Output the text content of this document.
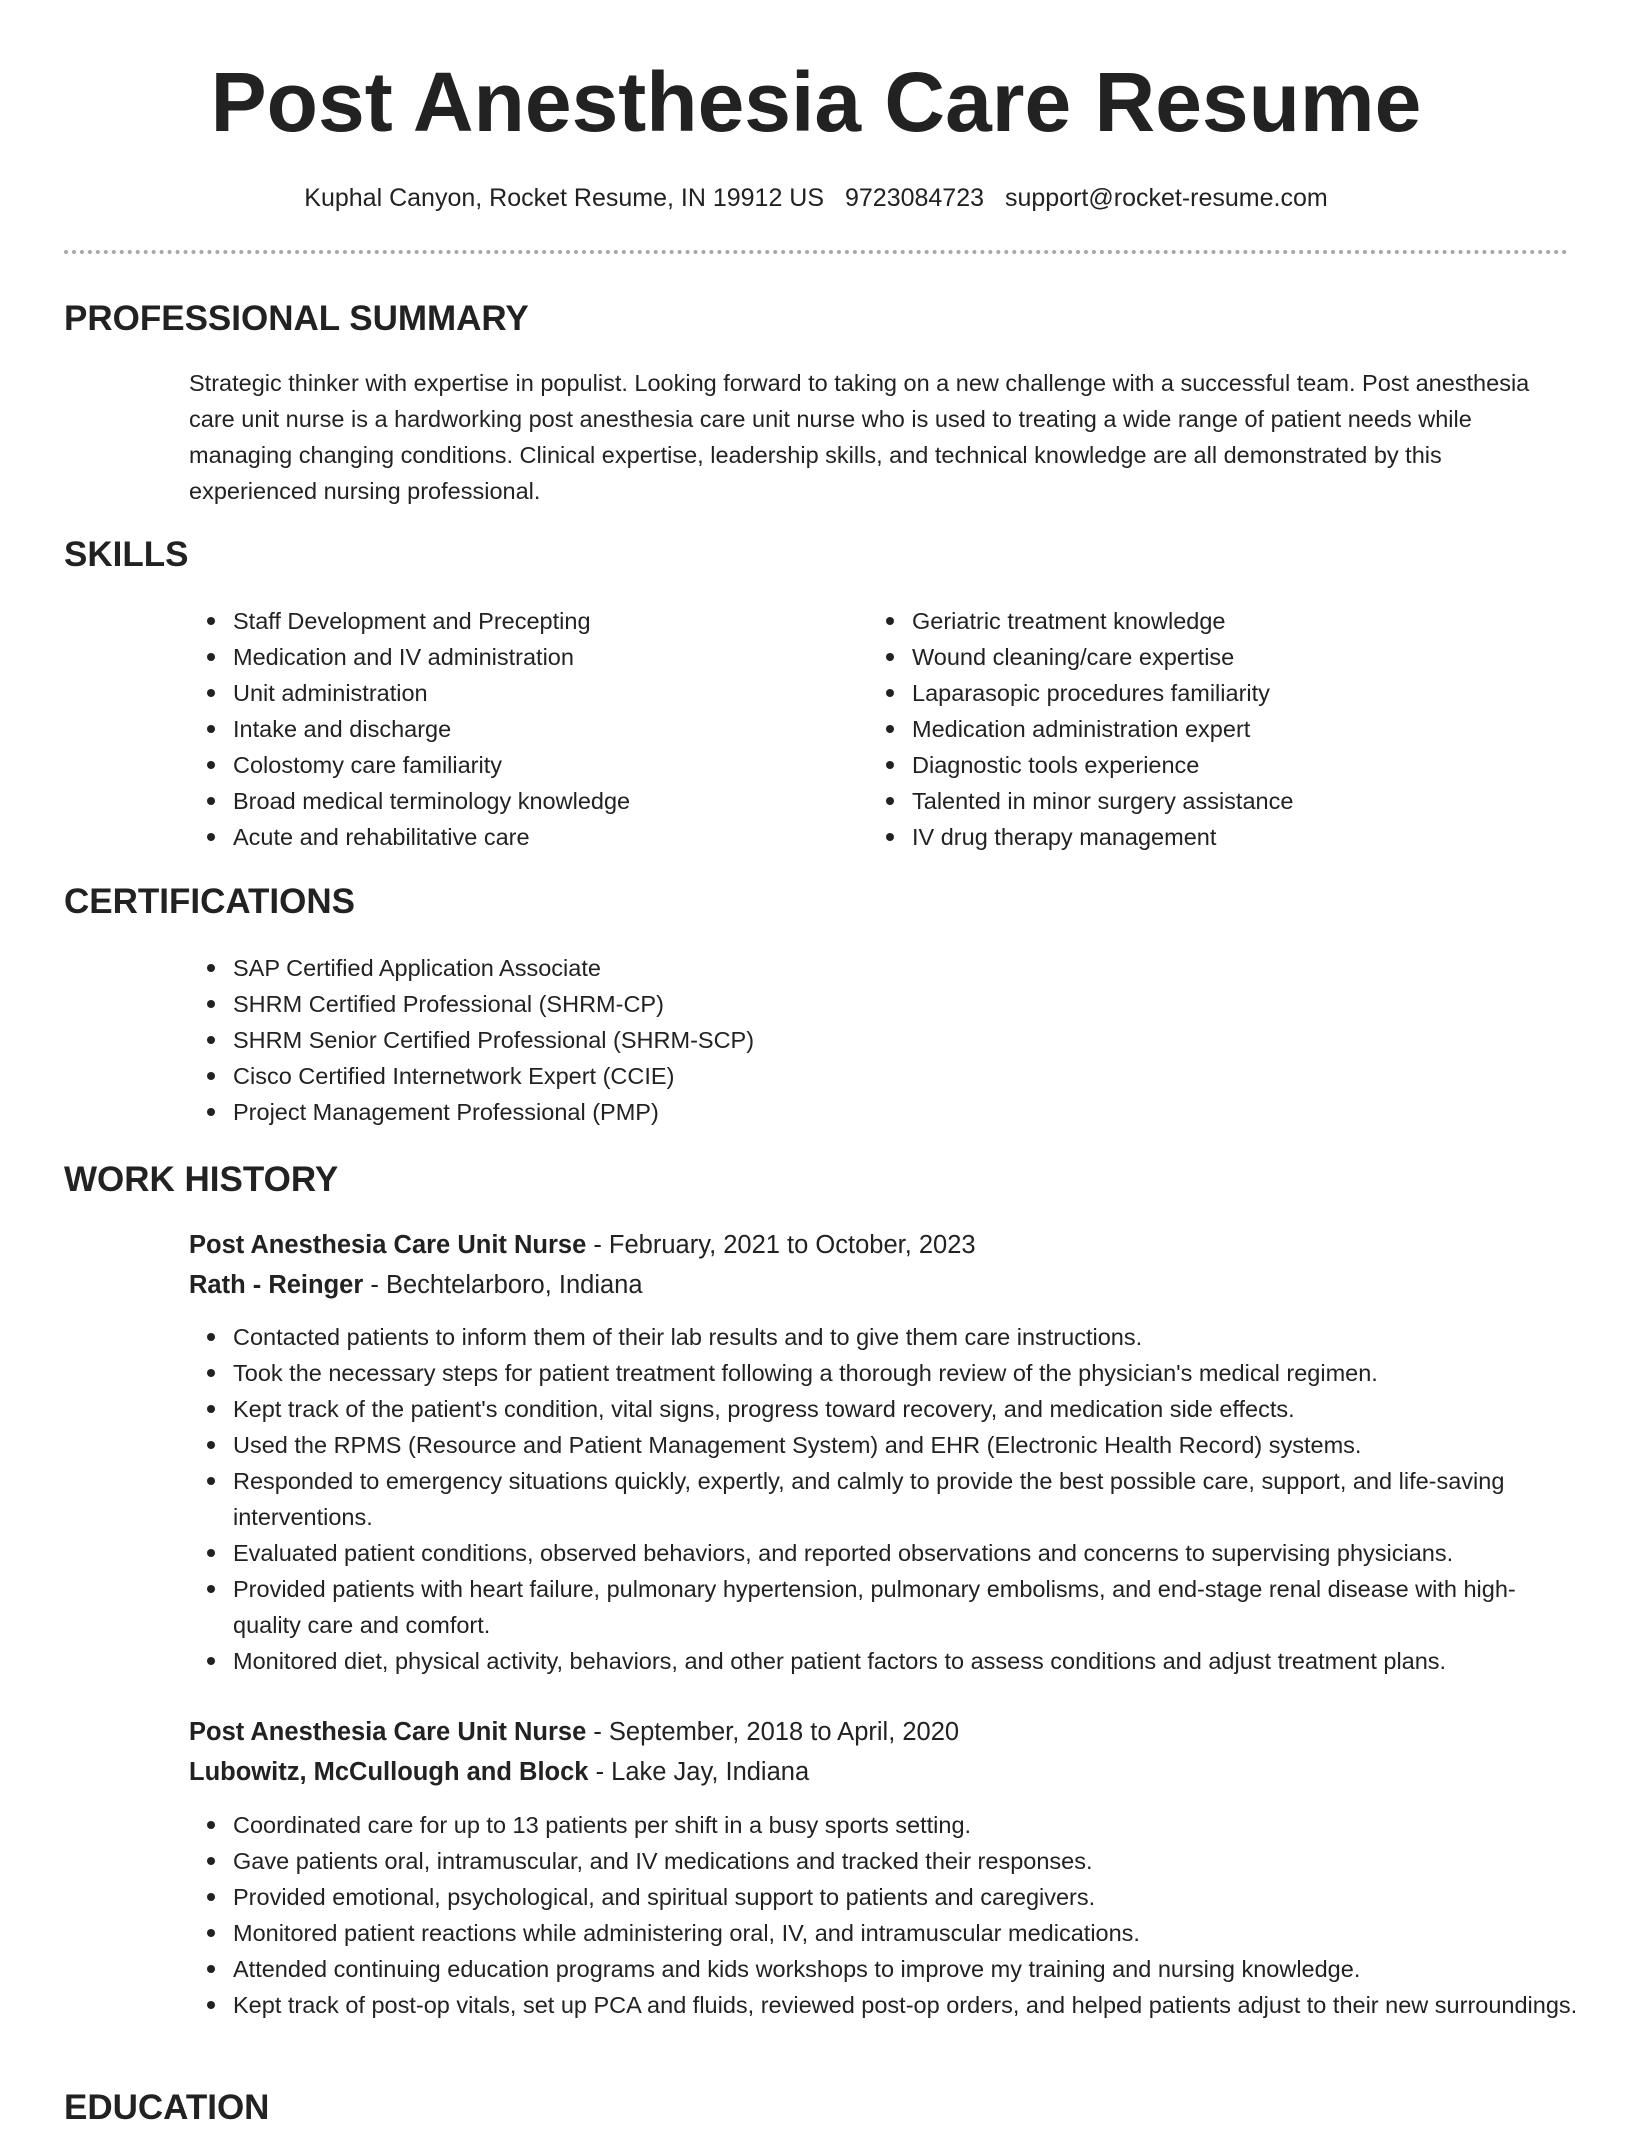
Post Anesthesia Care Resume
Kuphal Canyon, Rocket Resume, IN 19912 US 9723084723 support@rocket-resume.com
PROFESSIONAL SUMMARY
Strategic thinker with expertise in populist. Looking forward to taking on a new challenge with a successful team. Post anesthesia care unit nurse is a hardworking post anesthesia care unit nurse who is used to treating a wide range of patient needs while managing changing conditions. Clinical expertise, leadership skills, and technical knowledge are all demonstrated by this experienced nursing professional.
SKILLS
Staff Development and Precepting
Medication and IV administration
Unit administration
Intake and discharge
Colostomy care familiarity
Broad medical terminology knowledge
Acute and rehabilitative care
Geriatric treatment knowledge
Wound cleaning/care expertise
Laparasopic procedures familiarity
Medication administration expert
Diagnostic tools experience
Talented in minor surgery assistance
IV drug therapy management
CERTIFICATIONS
SAP Certified Application Associate
SHRM Certified Professional (SHRM-CP)
SHRM Senior Certified Professional (SHRM-SCP)
Cisco Certified Internetwork Expert (CCIE)
Project Management Professional (PMP)
WORK HISTORY
Post Anesthesia Care Unit Nurse - February, 2021 to October, 2023
Rath - Reinger - Bechtelarboro, Indiana
Contacted patients to inform them of their lab results and to give them care instructions.
Took the necessary steps for patient treatment following a thorough review of the physician's medical regimen.
Kept track of the patient's condition, vital signs, progress toward recovery, and medication side effects.
Used the RPMS (Resource and Patient Management System) and EHR (Electronic Health Record) systems.
Responded to emergency situations quickly, expertly, and calmly to provide the best possible care, support, and life-saving interventions.
Evaluated patient conditions, observed behaviors, and reported observations and concerns to supervising physicians.
Provided patients with heart failure, pulmonary hypertension, pulmonary embolisms, and end-stage renal disease with high-quality care and comfort.
Monitored diet, physical activity, behaviors, and other patient factors to assess conditions and adjust treatment plans.
Post Anesthesia Care Unit Nurse - September, 2018 to April, 2020
Lubowitz, McCullough and Block - Lake Jay, Indiana
Coordinated care for up to 13 patients per shift in a busy sports setting.
Gave patients oral, intramuscular, and IV medications and tracked their responses.
Provided emotional, psychological, and spiritual support to patients and caregivers.
Monitored patient reactions while administering oral, IV, and intramuscular medications.
Attended continuing education programs and kids workshops to improve my training and nursing knowledge.
Kept track of post-op vitals, set up PCA and fluids, reviewed post-op orders, and helped patients adjust to their new surroundings.
EDUCATION
